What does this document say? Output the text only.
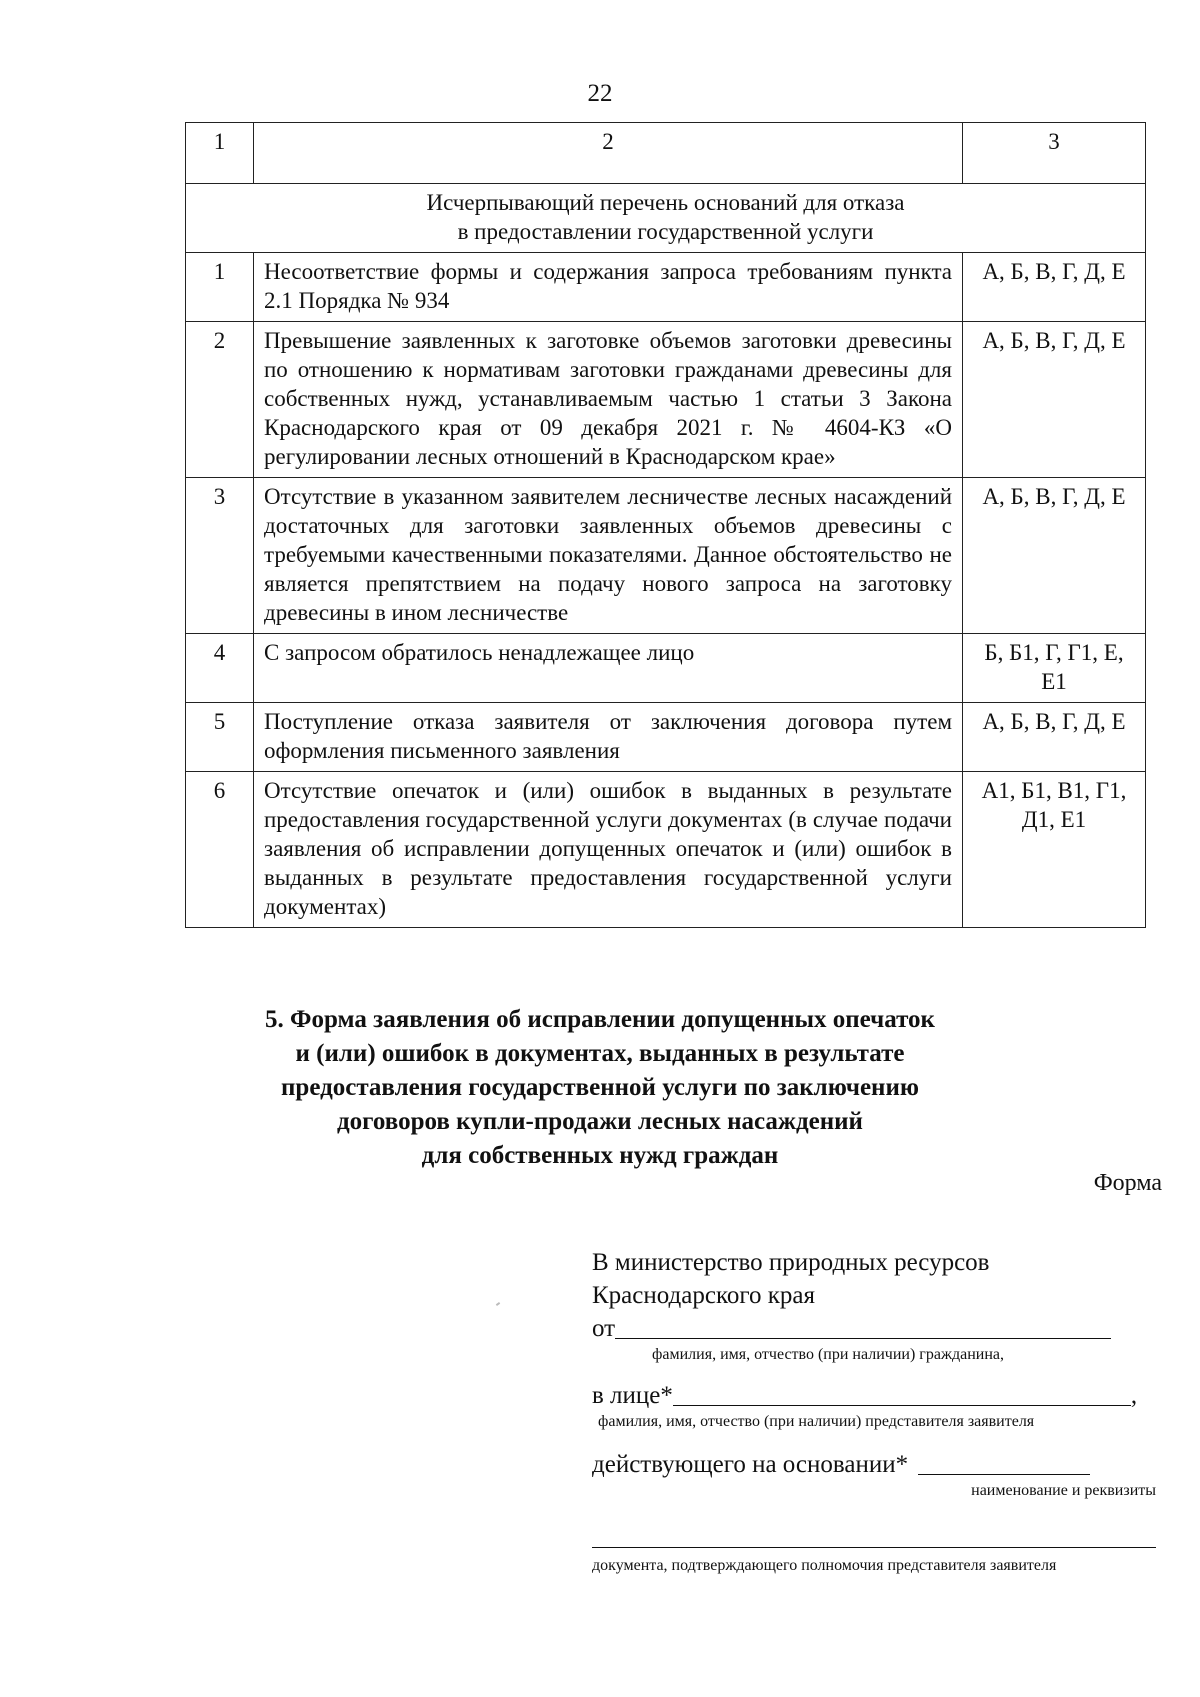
22
1	2	3

Исчерпывающий перечень оснований для отказа
в предоставлении государственной услуги		

1	Несоответствие формы и содержания запроса требованиям пункта 2.1 Порядка № 934	А, Б, В, Г, Д, Е
2	Превышение заявленных к заготовке объемов заготовки древесины по отношению к нормативам заготовки гражданами древесины для собственных нужд, устанавливаемым частью 1 статьи 3 Закона Краснодарского края от 09 декабря 2021 г. № 4604-КЗ «О регулировании лесных отношений в Краснодарском крае»	А, Б, В, Г, Д, Е
3	Отсутствие в указанном заявителем лесничестве лесных насаждений достаточных для заготовки заявленных объемов древесины с требуемыми качественными показателями. Данное обстоятельство не является препятствием на подачу нового запроса на заготовку древесины в ином лесничестве	А, Б, В, Г, Д, Е
4	С запросом обратилось ненадлежащее лицо	Б, Б1, Г, Г1, Е, Е1
5	Поступление отказа заявителя от заключения договора путем оформления письменного заявления	А, Б, В, Г, Д, Е
6	Отсутствие опечаток и (или) ошибок в выданных в результате предоставления государственной услуги документах (в случае подачи заявления об исправлении допущенных опечаток и (или) ошибок в выданных в результате предоставления государственной услуги документах)	А1, Б1, В1, Г1, Д1, Е1
5. Форма заявления об исправлении допущенных опечаток
и (или) ошибок в документах, выданных в результате
предоставления государственной услуги по заключению
договоров купли-продажи лесных насаждений
для собственных нужд граждан
Форма
В министерство природных ресурсов
Краснодарского края
от
фамилия, имя, отчество (при наличии) гражданина,
в лице*	,
фамилия, имя, отчество (при наличии) представителя заявителя
действующего на основании*
наименование и реквизиты
документа, подтверждающего полномочия представителя заявителя
